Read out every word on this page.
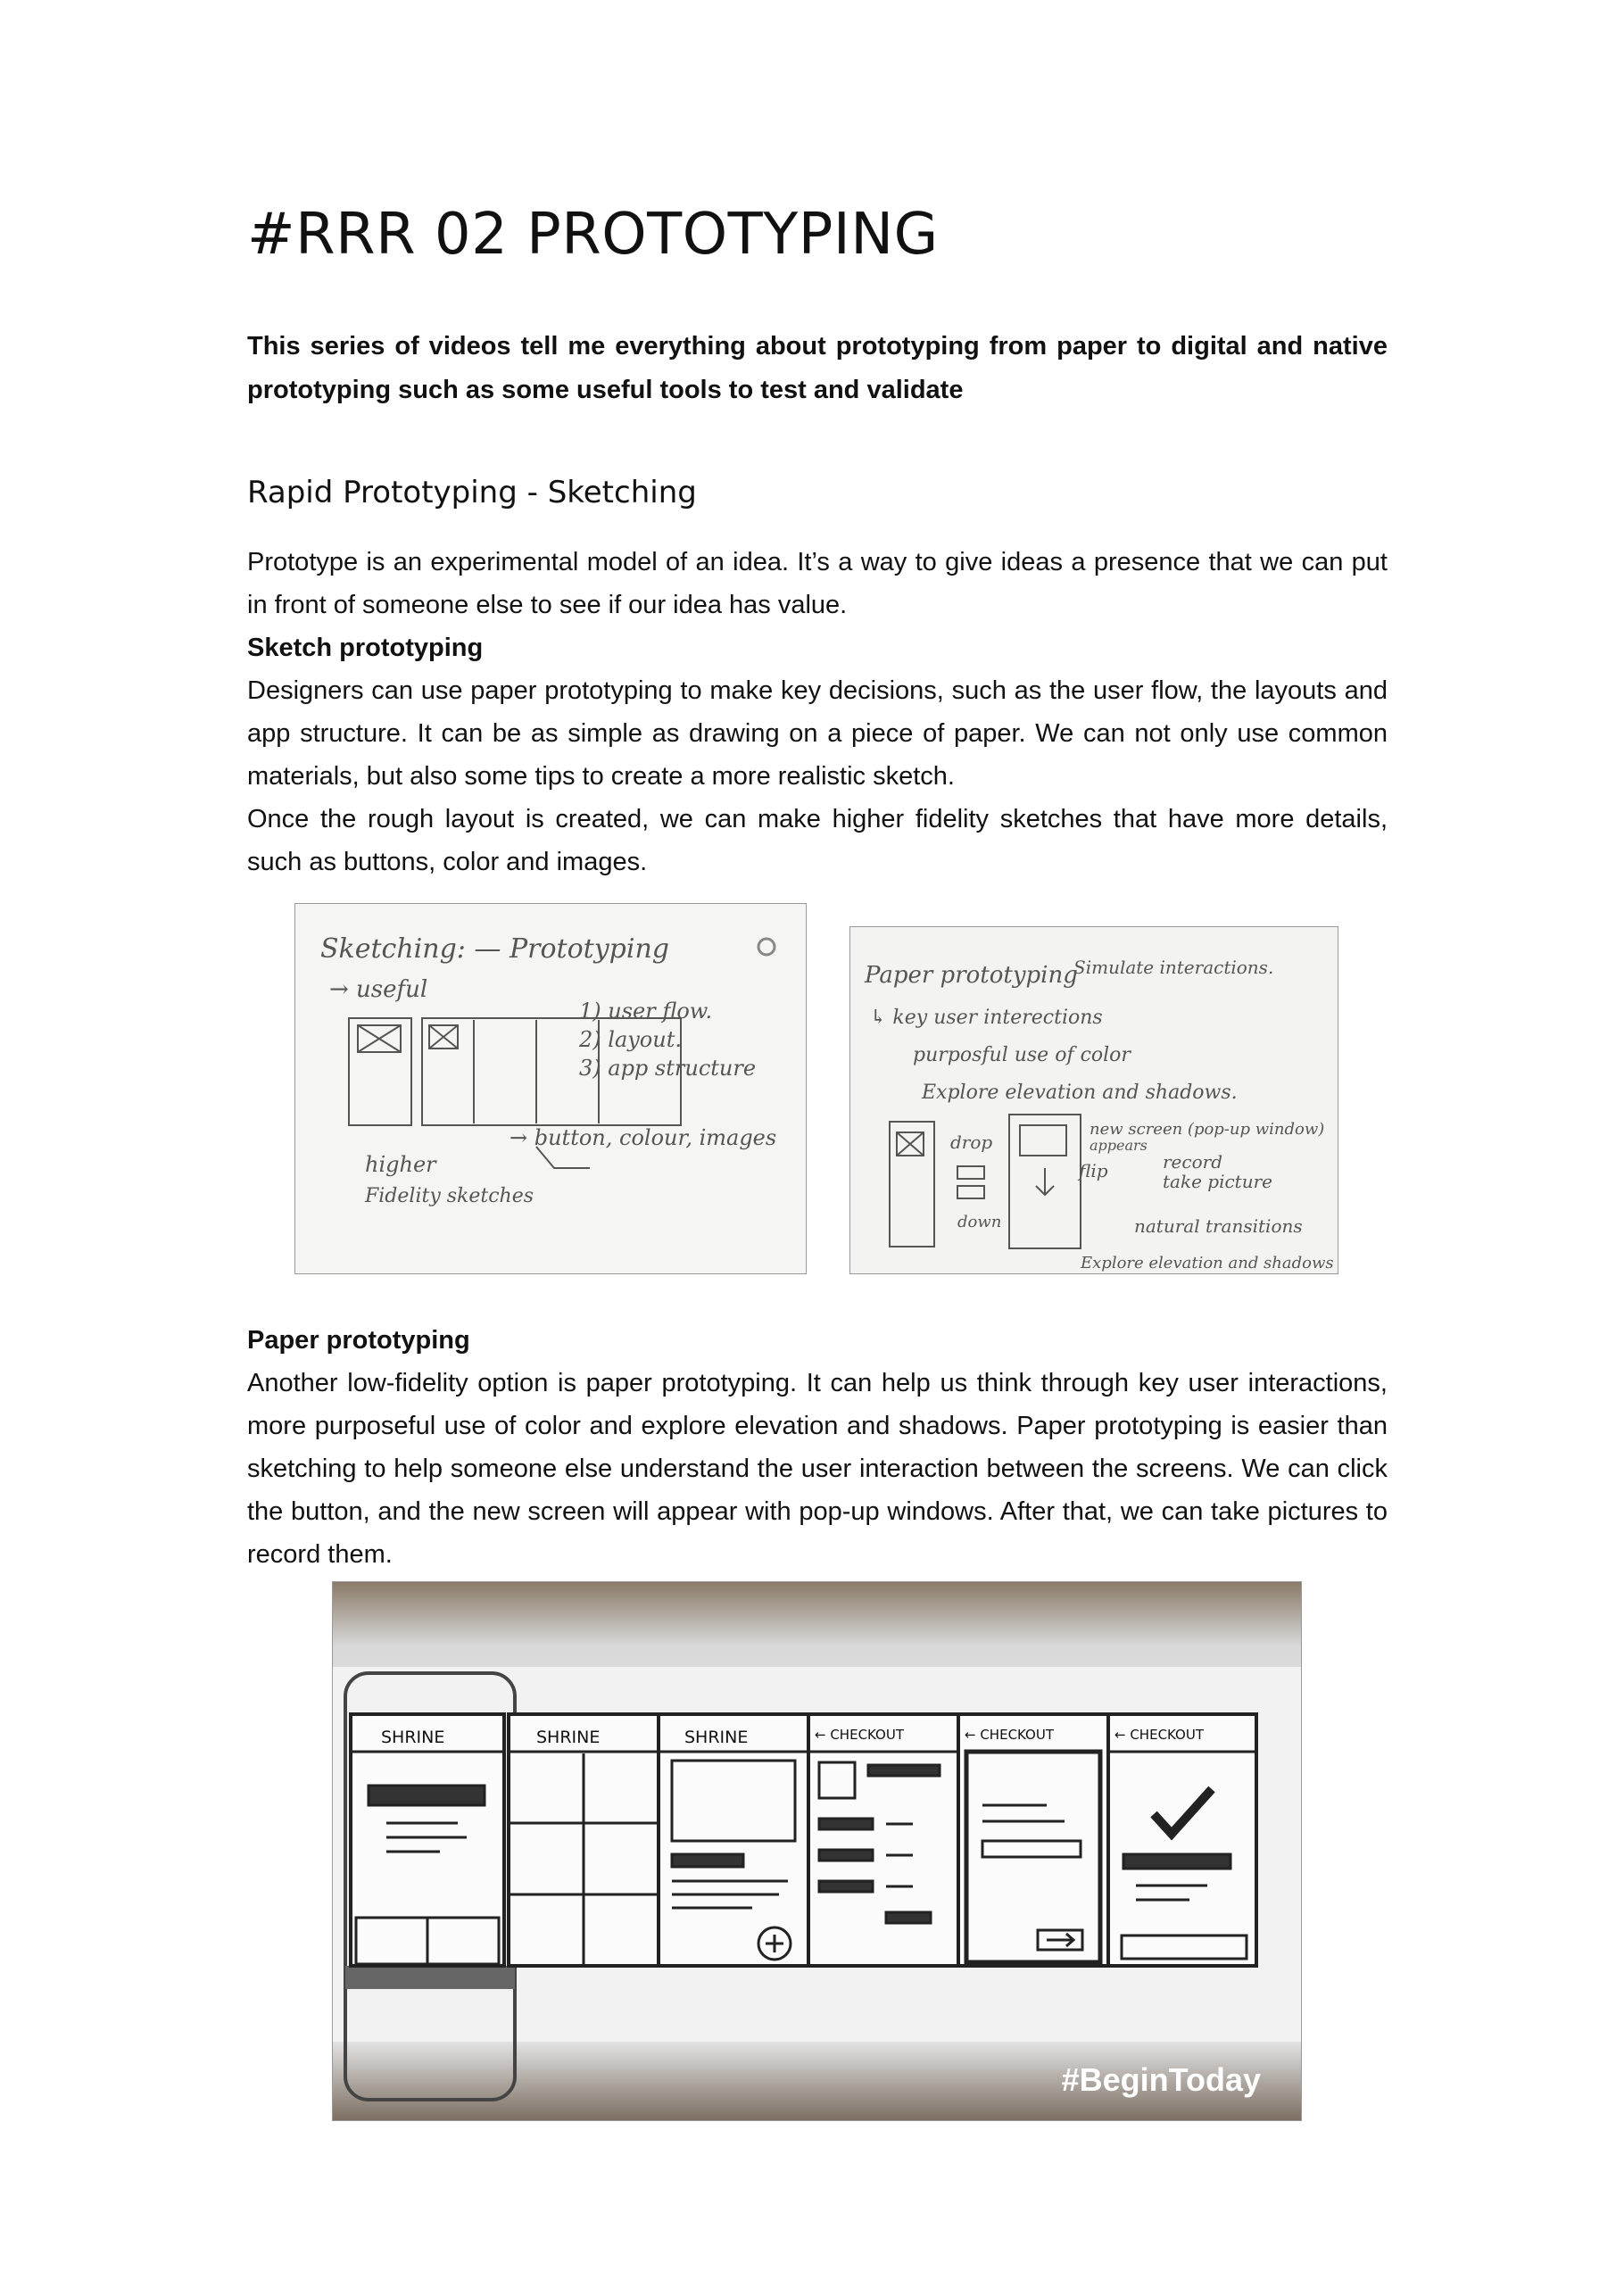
#RRR 02 PROTOTYPING

This series of videos tell me everything about prototyping from paper to digital and native prototyping such as some useful tools to test and validate

Rapid Prototyping - Sketching

Prototype is an experimental model of an idea. It’s a way to give ideas a presence that we can put in front of someone else to see if our idea has value.

Sketch prototyping

Designers can use paper prototyping to make key decisions, such as the user flow, the layouts and app structure. It can be as simple as drawing on a piece of paper. We can not only use common materials, but also some tips to create a more realistic sketch.

Once the rough layout is created, we can make higher fidelity sketches that have more details, such as buttons, color and images.

Sketching: — Prototyping
→ useful
1) user flow.
2) layout.
3) app structure
→ button, colour, images
higher
Fidelity sketches
Paper prototyping
Simulate interactions.
↳ key user interections
purposful use of color
Explore elevation and shadows.
drop
down
new screen (pop-up window)
appears
flip	record
take picture
natural transitions
Explore elevation and shadows

Paper prototyping

Another low-fidelity option is paper prototyping. It can help us think through key user interactions, more purposeful use of color and explore elevation and shadows. Paper prototyping is easier than sketching to help someone else understand the user interaction between the screens. We can click the button, and the new screen will appear with pop-up windows. After that, we can take pictures to record them.

SHRINE	SHRINE	SHRINE	← CHECKOUT	← CHECKOUT	← CHECKOUT
#BeginToday
